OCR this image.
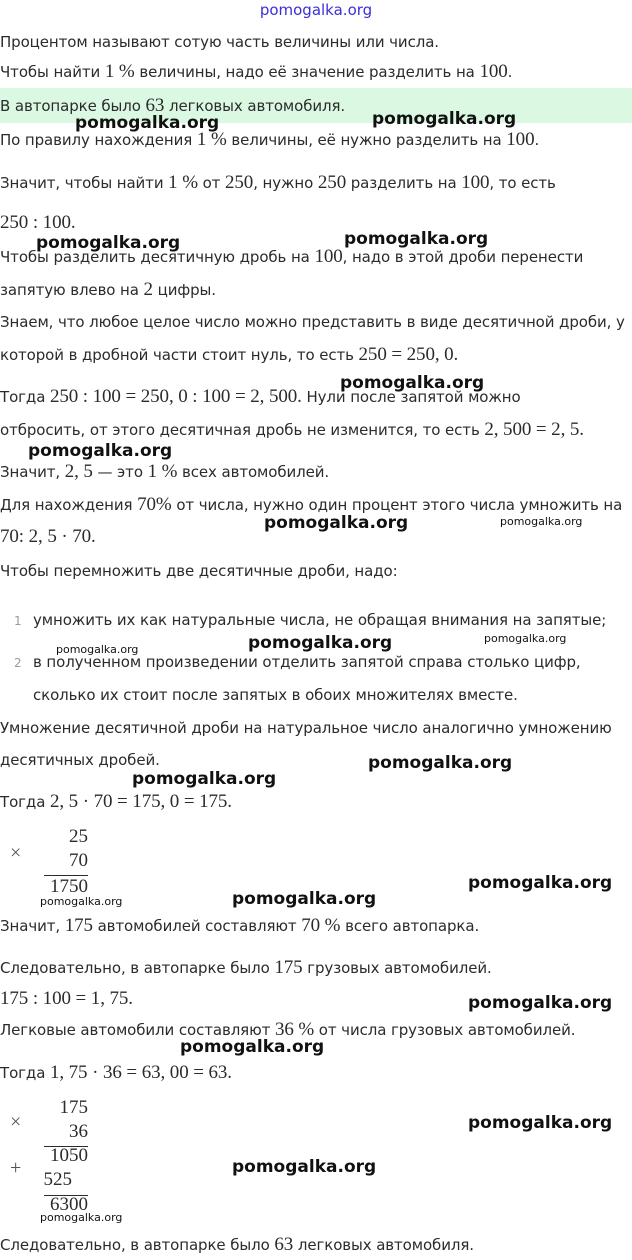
pomogalka.org

Процентом называют сотую часть величины или числа.

Чтобы найти 1 % величины, надо её значение разделить на 100.

В автопарке было 63 легковых автомобиля.

По правилу нахождения 1 % величины, её нужно разделить на 100.

Значит, чтобы найти 1 % от 250, нужно 250 разделить на 100, то есть

250 : 100.

Чтобы разделить десятичную дробь на 100, надо в этой дроби перенести

запятую влево на 2 цифры.

Знаем, что любое целое число можно представить в виде десятичной дроби, у

которой в дробной части стоит нуль, то есть 250 = 250, 0.

Тогда 250 : 100 = 250, 0 : 100 = 2, 500. Нули после запятой можно

отбросить, от этого десятичная дробь не изменится, то есть 2, 500 = 2, 5.

Значит, 2, 5 — это 1 % всех автомобилей.

Для нахождения 70% от числа, нужно один процент этого числа умножить на

70: 2, 5 · 70.

Чтобы перемножить две десятичные дроби, надо:

1 умножить их как натуральные числа, не обращая внимания на запятые;

2 в полученном произведении отделить запятой справа столько цифр,

сколько их стоит после запятых в обоих множителях вместе.

Умножение десятичной дроби на натуральное число аналогично умножению

десятичных дробей.

Тогда 2, 5 · 70 = 175, 0 = 175.

×
25
70
1750

Значит, 175 автомобилей составляют 70 % всего автопарка.

Следовательно, в автопарке было 175 грузовых автомобилей.

175 : 100 = 1, 75.

Легковые автомобили составляют 36 % от числа грузовых автомобилей.

Тогда 1, 75 · 36 = 63, 00 = 63.

×
175
36
1050
+
525
6300

Следовательно, в автопарке было 63 легковых автомобиля.

pomogalka.org	pomogalka.org
pomogalka.org	pomogalka.org
pomogalka.org
pomogalka.org
pomogalka.org	pomogalka.org
pomogalka.org	pomogalka.org
pomogalka.org
pomogalka.org
pomogalka.org
pomogalka.org
pomogalka.org
pomogalka.org
pomogalka.org
pomogalka.org
pomogalka.org
pomogalka.org
pomogalka.org
